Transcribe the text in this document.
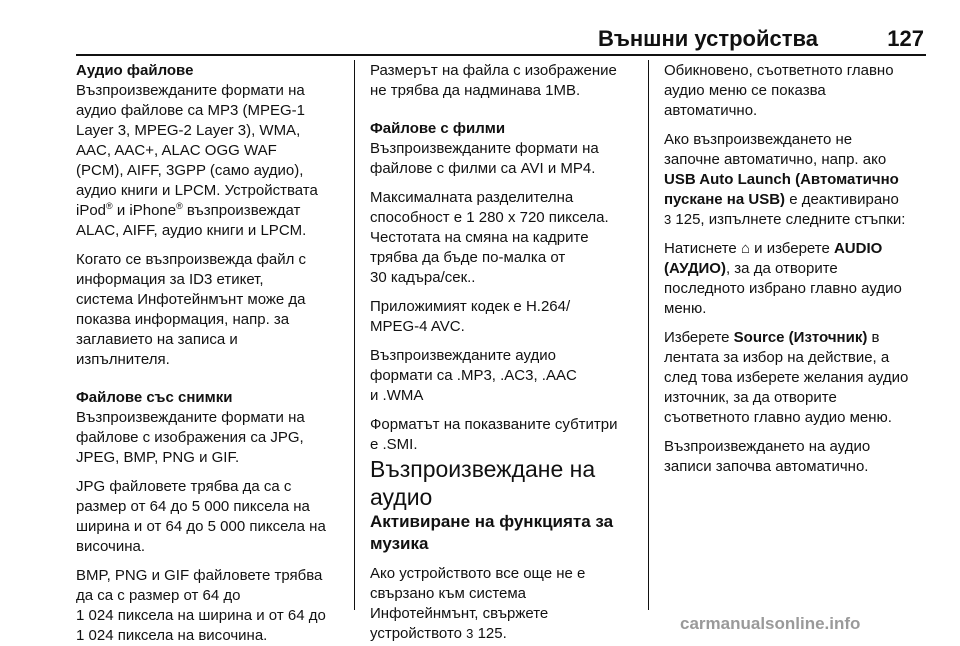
Външни устройства	127

Аудио файлове

Възпроизвежданите формати на

аудио файлове са MP3 (MPEG-1

Layer 3, MPEG-2 Layer 3), WMA,

AAC, AAC+, ALAC OGG WAF

(PCM), AIFF, 3GPP (само аудио),

аудио книги и LPCM. Устройствата

iPod® и iPhone® възпроизвеждат

ALAC, AIFF, аудио книги и LPCM.

Когато се възпроизвежда файл с

информация за ID3 етикет,

система Инфотейнмънт може да

показва информация, напр. за

заглавието на записа и

изпълнителя.

Файлове със снимки

Възпроизвежданите формати на

файлове с изображения са JPG,

JPEG, BMP, PNG и GIF.

JPG файловете трябва да са с

размер от 64 до 5 000 пиксела на

ширина и от 64 до 5 000 пиксела на

височина.

BMP, PNG и GIF файловете трябва

да са с размер от 64 до

1 024 пиксела на ширина и от 64 до

1 024 пиксела на височина.

Размерът на файла с изображение

не трябва да надминава 1MB.

Файлове с филми

Възпроизвежданите формати на

файлове с филми са AVI и MP4.

Максималната разделителна

способност е 1 280 x 720 пиксела.

Честотата на смяна на кадрите

трябва да бъде по-малка от

30 кадъра/сек..

Приложимият кодек е H.264/

MPEG-4 AVC.

Възпроизвежданите аудио

формати са .MP3, .AC3, .AAC

и .WMA

Форматът на показваните субтитри

е .SMI.

Възпроизвеждане на
аудио

Активиране на функцията за
музика

Ако устройството все още не е

свързано към система

Инфотейнмънт, свържете

устройството 3 125.

Обикновено, съответното главно

аудио меню се показва

автоматично.

Ако възпроизвеждането не

започне автоматично, напр. ако

USB Auto Launch (Автоматично

пускане на USB) е деактивирано

3 125, изпълнете следните стъпки:

Натиснете ⌂ и изберете AUDIO

(АУДИО), за да отворите

последното избрано главно аудио

меню.

Изберете Source (Източник) в

лентата за избор на действие, а

след това изберете желания аудио

източник, за да отворите

съответното главно аудио меню.

Възпроизвеждането на аудио

записи започва автоматично.

carmanualsonline.info
